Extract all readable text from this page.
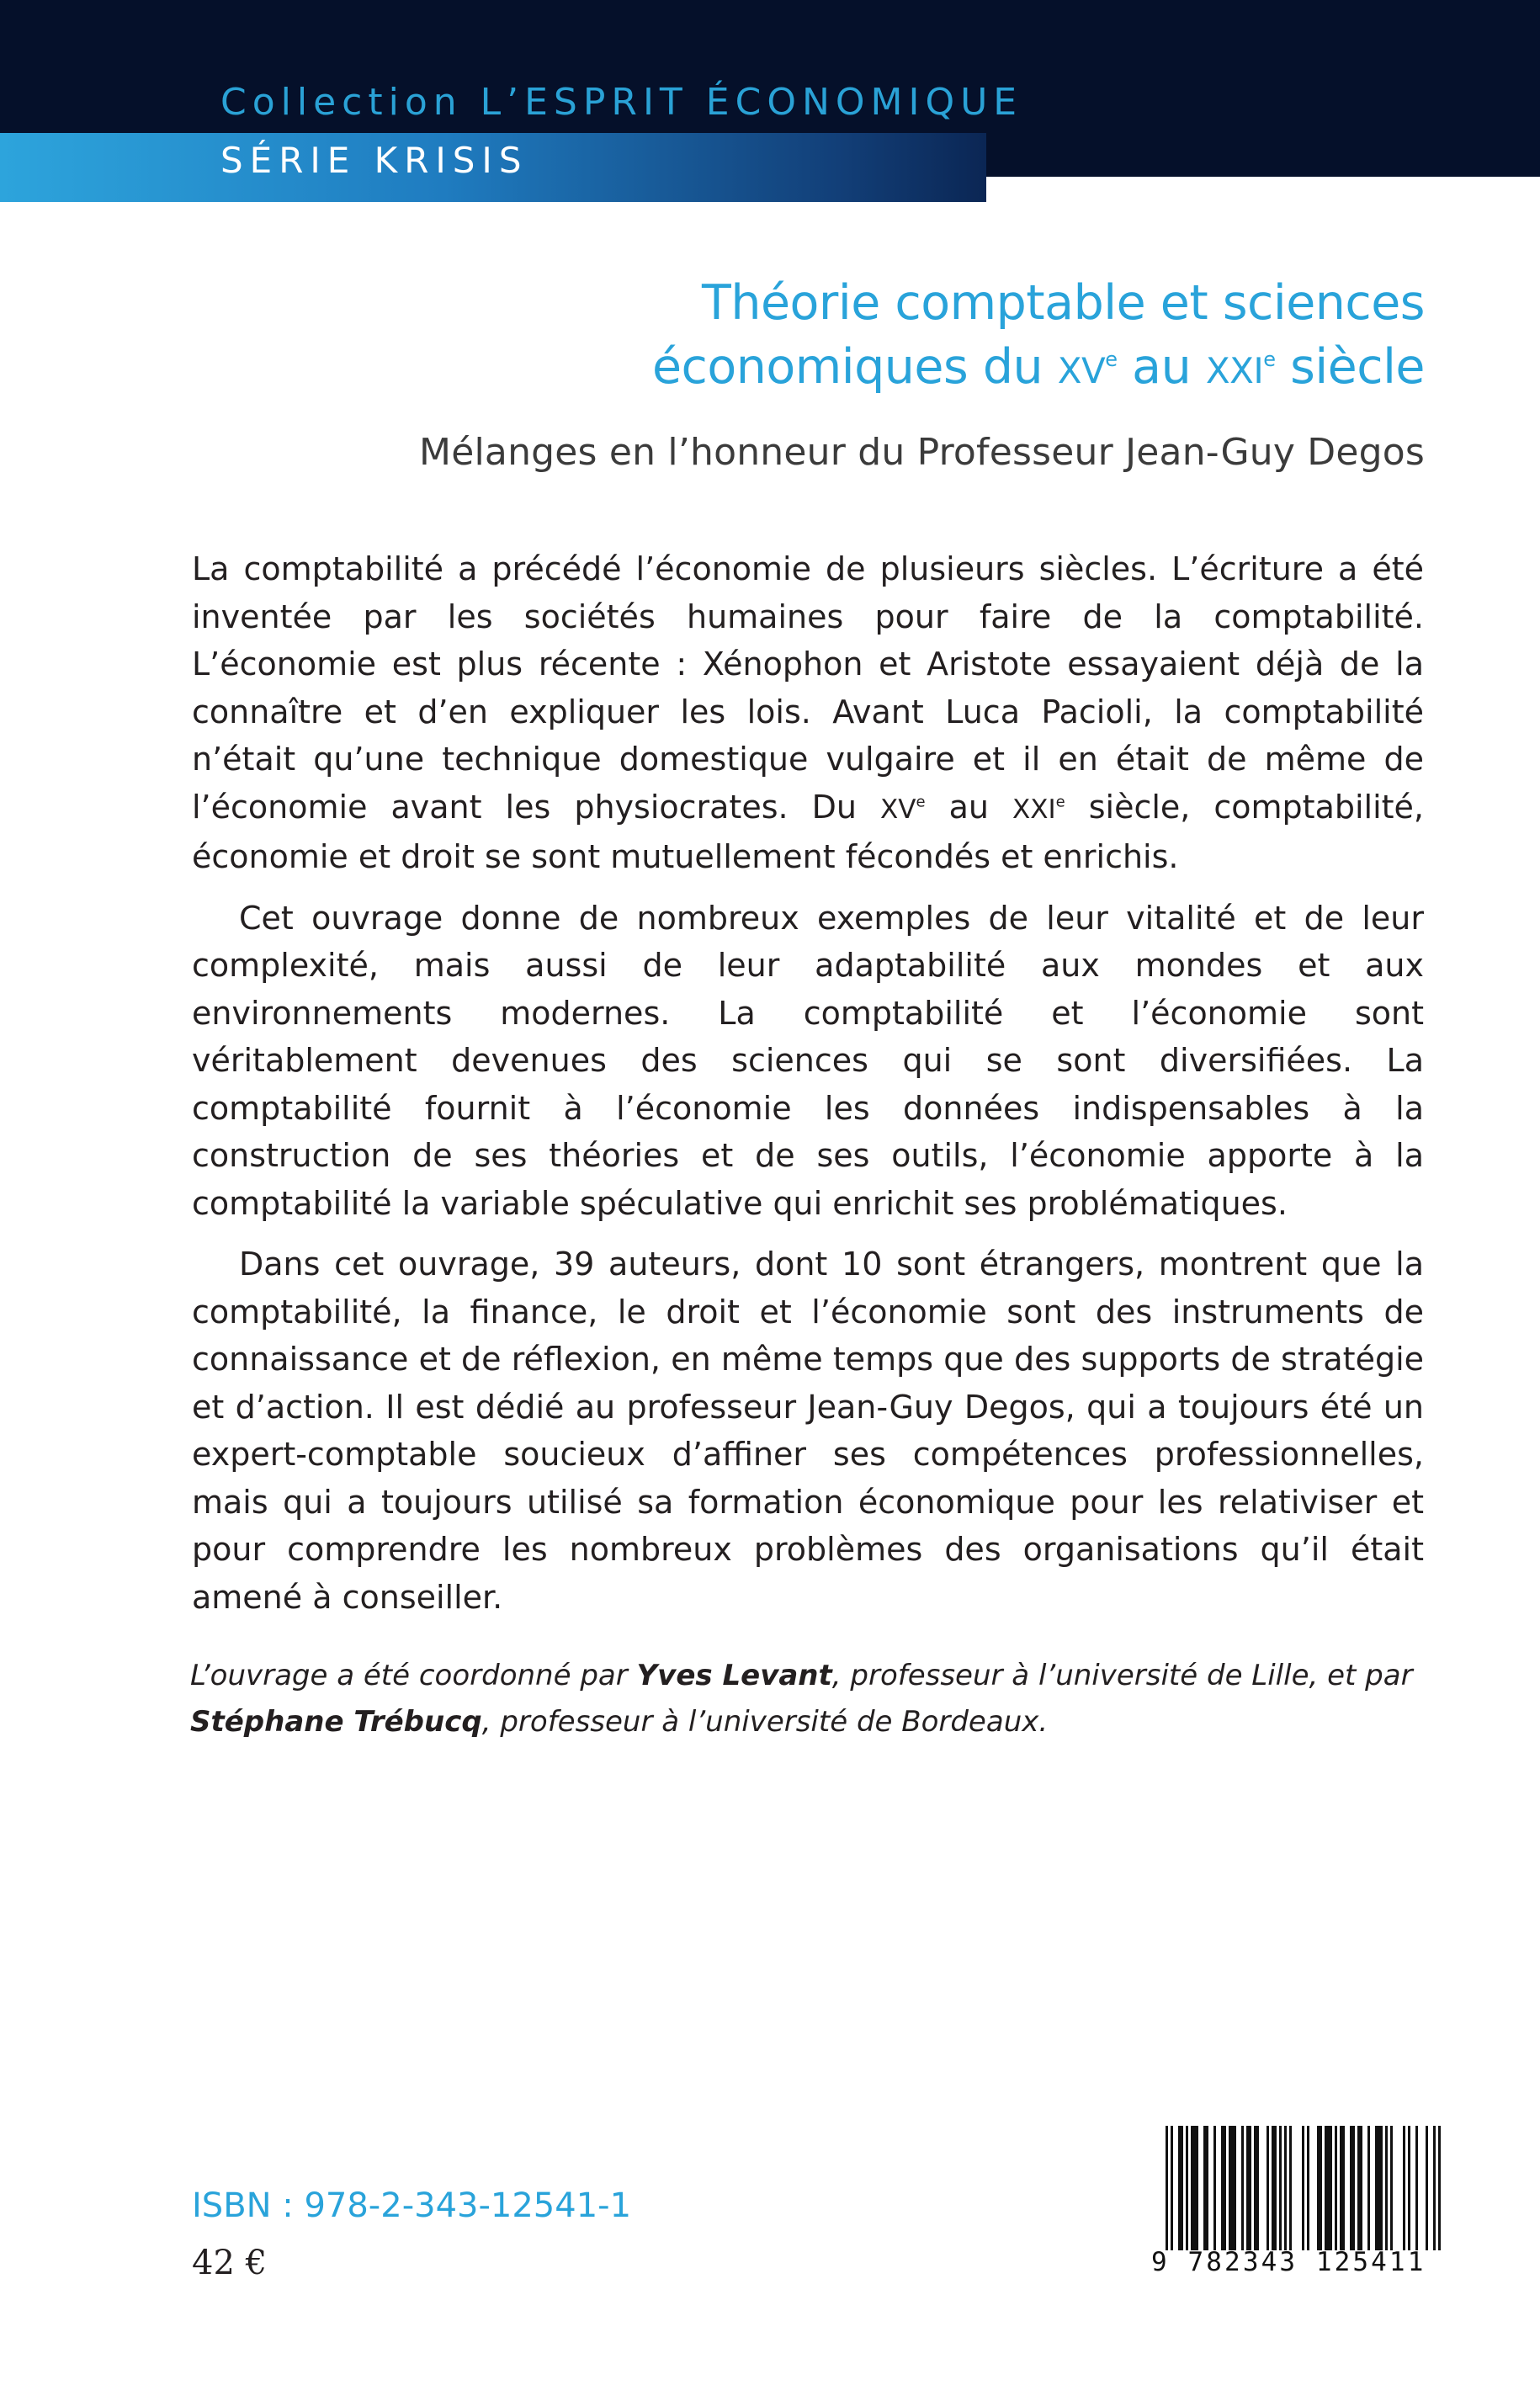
Collection L’ESPRIT ÉCONOMIQUE
SÉRIE KRISIS
Théorie comptable et sciences
économiques du XVe au XXIe siècle
Mélanges en l’honneur du Professeur Jean-Guy Degos

La comptabilité a précédé l’économie de plusieurs siècles. L’écriture a été inventée par les sociétés humaines pour faire de la comptabilité. L’économie est plus récente : Xénophon et Aristote essayaient déjà de la connaître et d’en expliquer les lois. Avant Luca Pacioli, la comptabilité n’était qu’une technique domestique vulgaire et il en était de même de l’économie avant les physiocrates. Du XVe au XXIe siècle, comptabilité, économie et droit se sont mutuellement fécondés et enrichis.

Cet ouvrage donne de nombreux exemples de leur vitalité et de leur complexité, mais aussi de leur adaptabilité aux mondes et aux environnements modernes. La comptabilité et l’économie sont véritablement devenues des sciences qui se sont diversifiées. La comptabilité fournit à l’économie les données indispensables à la construction de ses théories et de ses outils, l’économie apporte à la comptabilité la variable spéculative qui enrichit ses problématiques.

Dans cet ouvrage, 39 auteurs, dont 10 sont étrangers, montrent que la comptabilité, la finance, le droit et l’économie sont des instruments de connaissance et de réflexion, en même temps que des supports de stratégie et d’action. Il est dédié au professeur Jean-Guy Degos, qui a toujours été un expert-comptable soucieux d’affiner ses compétences professionnelles, mais qui a toujours utilisé sa formation économique pour les relativiser et pour comprendre les nombreux problèmes des organisations qu’il était amené à conseiller.

L’ouvrage a été coordonné par Yves Levant, professeur à l’université de Lille, et par Stéphane Trébucq, professeur à l’université de Bordeaux.
ISBN : 978-2-343-12541-1
42 €	9 782343 125411
